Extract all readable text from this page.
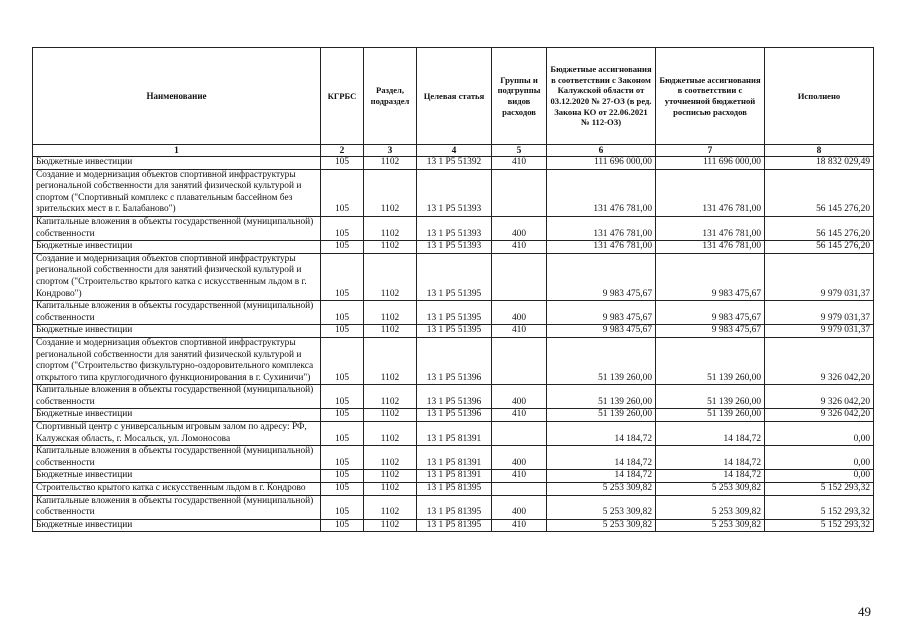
Наименование	КГРБС	Раздел, подраздел	Целевая статья	Группы и подгруппы видов расходов	Бюджетные ассигнования в соответствии с Законом Калужской области от 03.12.2020 № 27-ОЗ (в ред. Закона КО от 22.06.2021 № 112-ОЗ)	Бюджетные ассигнования в соответствии с уточненной бюджетной росписью расходов	Исполнено
1	2	3	4	5	6	7	8
Бюджетные инвестиции	105	1102	13 1 P5 51392	410	111 696 000,00	111 696 000,00	18 832 029,49
Создание и модернизация объектов спортивной инфраструктуры региональной собственности для занятий физической культурой и спортом ("Спортивный комплекс с плавательным бассейном без зрительских мест в г. Балабаново")	105	1102	13 1 P5 51393		131 476 781,00	131 476 781,00	56 145 276,20
Капитальные вложения в объекты государственной (муниципальной) собственности	105	1102	13 1 P5 51393	400	131 476 781,00	131 476 781,00	56 145 276,20
Бюджетные инвестиции	105	1102	13 1 P5 51393	410	131 476 781,00	131 476 781,00	56 145 276,20
Создание и модернизация объектов спортивной инфраструктуры региональной собственности для занятий физической культурой и спортом ("Строительство крытого катка с искусственным льдом в г. Кондрово")	105	1102	13 1 P5 51395		9 983 475,67	9 983 475,67	9 979 031,37
Капитальные вложения в объекты государственной (муниципальной) собственности	105	1102	13 1 P5 51395	400	9 983 475,67	9 983 475,67	9 979 031,37
Бюджетные инвестиции	105	1102	13 1 P5 51395	410	9 983 475,67	9 983 475,67	9 979 031,37
Создание и модернизация объектов спортивной инфраструктуры региональной собственности для занятий физической культурой и спортом ("Строительство физкультурно-оздоровительного комплекса открытого типа круглогодичного функционирования в г. Сухиничи")	105	1102	13 1 P5 51396		51 139 260,00	51 139 260,00	9 326 042,20
Капитальные вложения в объекты государственной (муниципальной) собственности	105	1102	13 1 P5 51396	400	51 139 260,00	51 139 260,00	9 326 042,20
Бюджетные инвестиции	105	1102	13 1 P5 51396	410	51 139 260,00	51 139 260,00	9 326 042,20
Спортивный центр с универсальным игровым залом по адресу: РФ, Калужская область, г. Мосальск, ул. Ломоносова	105	1102	13 1 P5 81391		14 184,72	14 184,72	0,00
Капитальные вложения в объекты государственной (муниципальной) собственности	105	1102	13 1 P5 81391	400	14 184,72	14 184,72	0,00
Бюджетные инвестиции	105	1102	13 1 P5 81391	410	14 184,72	14 184,72	0,00
Строительство крытого катка с искусственным льдом в г. Кондрово	105	1102	13 1 P5 81395		5 253 309,82	5 253 309,82	5 152 293,32
Капитальные вложения в объекты государственной (муниципальной) собственности	105	1102	13 1 P5 81395	400	5 253 309,82	5 253 309,82	5 152 293,32
Бюджетные инвестиции	105	1102	13 1 P5 81395	410	5 253 309,82	5 253 309,82	5 152 293,32
49
